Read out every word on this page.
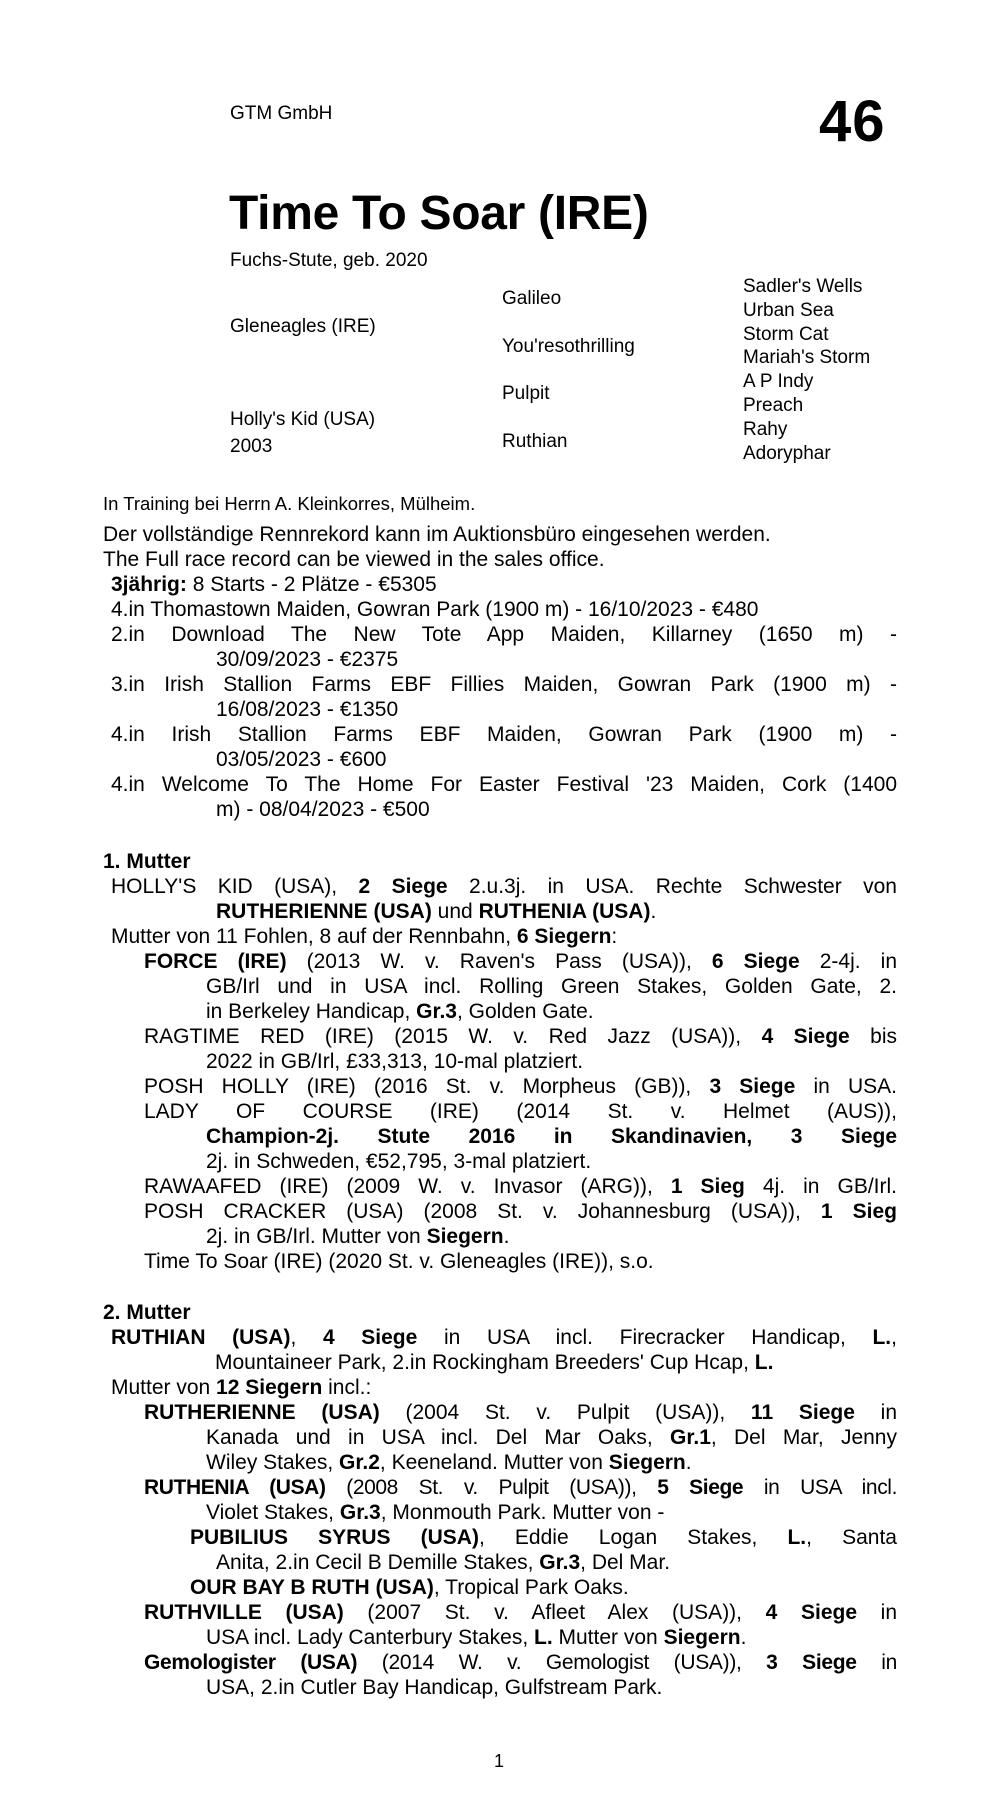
GTM GmbH	46
Time To Soar (IRE)
Fuchs-Stute, geb. 2020
Gleneagles (IRE)
Holly's Kid (USA)
2003
Galileo
You'resothrilling
Pulpit
Ruthian
Sadler's Wells
Urban Sea
Storm Cat
Mariah's Storm
A P Indy
Preach
Rahy
Adoryphar
In Training bei Herrn A. Kleinkorres, Mülheim.
Der vollständige Rennrekord kann im Auktionsbüro eingesehen werden.
The Full race record can be viewed in the sales office.
3jährig: 8 Starts - 2 Plätze - €5305
4.in Thomastown Maiden, Gowran Park (1900 m) - 16/10/2023 - €480
2.in Download The New Tote App Maiden, Killarney (1650 m) -
30/09/2023 - €2375
3.in Irish Stallion Farms EBF Fillies Maiden, Gowran Park (1900 m) -
16/08/2023 - €1350
4.in Irish Stallion Farms EBF Maiden, Gowran Park (1900 m) -
03/05/2023 - €600
4.in Welcome To The Home For Easter Festival '23 Maiden, Cork (1400
m) - 08/04/2023 - €500
1. Mutter
HOLLY'S KID (USA), 2 Siege 2.u.3j. in USA. Rechte Schwester von
RUTHERIENNE (USA) und RUTHENIA (USA).
Mutter von 11 Fohlen, 8 auf der Rennbahn, 6 Siegern:
FORCE (IRE) (2013 W. v. Raven's Pass (USA)), 6 Siege 2-4j. in
GB/Irl und in USA incl. Rolling Green Stakes, Golden Gate, 2.
in Berkeley Handicap, Gr.3, Golden Gate.
RAGTIME RED (IRE) (2015 W. v. Red Jazz (USA)), 4 Siege bis
2022 in GB/Irl, £33,313, 10-mal platziert.
POSH HOLLY (IRE) (2016 St. v. Morpheus (GB)), 3 Siege in USA.
LADY OF COURSE (IRE) (2014 St. v. Helmet (AUS)),
Champion-2j. Stute 2016 in Skandinavien, 3 Siege
2j. in Schweden, €52,795, 3-mal platziert.
RAWAAFED (IRE) (2009 W. v. Invasor (ARG)), 1 Sieg 4j. in GB/Irl.
POSH CRACKER (USA) (2008 St. v. Johannesburg (USA)), 1 Sieg
2j. in GB/Irl. Mutter von Siegern.
Time To Soar (IRE) (2020 St. v. Gleneagles (IRE)), s.o.
2. Mutter
RUTHIAN (USA), 4 Siege in USA incl. Firecracker Handicap, L.,
Mountaineer Park, 2.in Rockingham Breeders' Cup Hcap, L.
Mutter von 12 Siegern incl.:
RUTHERIENNE (USA) (2004 St. v. Pulpit (USA)), 11 Siege in
Kanada und in USA incl. Del Mar Oaks, Gr.1, Del Mar, Jenny
Wiley Stakes, Gr.2, Keeneland. Mutter von Siegern.
RUTHENIA (USA) (2008 St. v. Pulpit (USA)), 5 Siege in USA incl.
Violet Stakes, Gr.3, Monmouth Park. Mutter von -
PUBILIUS SYRUS (USA), Eddie Logan Stakes, L., Santa
Anita, 2.in Cecil B Demille Stakes, Gr.3, Del Mar.
OUR BAY B RUTH (USA), Tropical Park Oaks.
RUTHVILLE (USA) (2007 St. v. Afleet Alex (USA)), 4 Siege in
USA incl. Lady Canterbury Stakes, L. Mutter von Siegern.
Gemologister (USA) (2014 W. v. Gemologist (USA)), 3 Siege in
USA, 2.in Cutler Bay Handicap, Gulfstream Park.
1
